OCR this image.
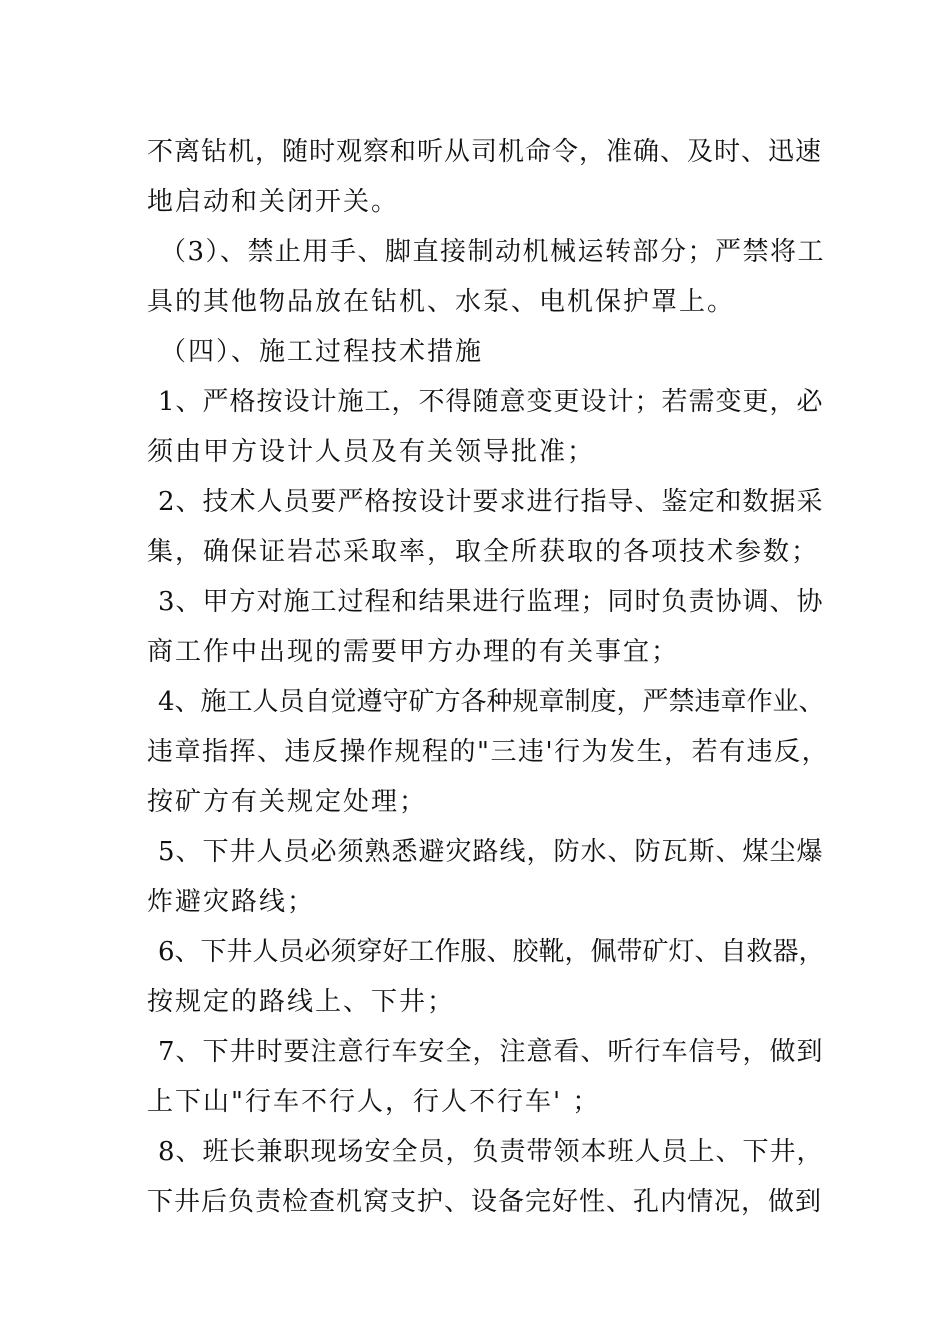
不离钻机，随时观察和听从司机命令，准确、及时、迅速
地启动和关闭开关。
（3）、禁止用手、脚直接制动机械运转部分；严禁将工
具的其他物品放在钻机、水泵、电机保护罩上。
（四）、施工过程技术措施
1、严格按设计施工，不得随意变更设计；若需变更，必
须由甲方设计人员及有关领导批准；
2、技术人员要严格按设计要求进行指导、鉴定和数据采
集，确保证岩芯采取率，取全所获取的各项技术参数；
3、甲方对施工过程和结果进行监理；同时负责协调、协
商工作中出现的需要甲方办理的有关事宜；
4、施工人员自觉遵守矿方各种规章制度，严禁违章作业、
违章指挥、违反操作规程的"三违'行为发生，若有违反，
按矿方有关规定处理；
5、下井人员必须熟悉避灾路线，防水、防瓦斯、煤尘爆
炸避灾路线；
6、下井人员必须穿好工作服、胶靴，佩带矿灯、自救器，
按规定的路线上、下井；
7、下井时要注意行车安全，注意看、听行车信号，做到
上下山"行车不行人，行人不行车' ；
8、班长兼职现场安全员，负责带领本班人员上、下井，
下井后负责检查机窝支护、设备完好性、孔内情况，做到
